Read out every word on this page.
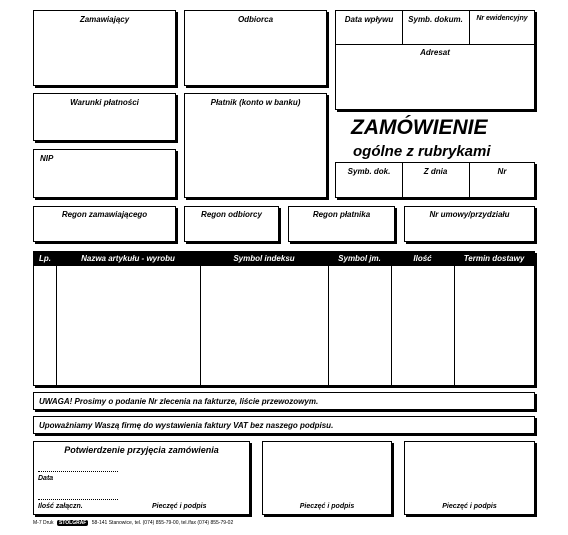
Zamawiający	Odbiorca	Data wpływu	Symb. dokum.	Nr ewidencyjny
Adresat
Warunki płatności	Płatnik (konto w banku)
NIP
ZAMÓWIENIE
ogólne z rubrykami
Symb. dok.	Z dnia	Nr
Regon zamawiającego	Regon odbiorcy	Regon płatnika	Nr umowy/przydziału
Lp.	Nazwa artykułu - wyrobu	Symbol indeksu	Symbol jm.	Ilość	Termin dostawy
UWAGA! Prosimy o podanie Nr zlecenia na fakturze, liście przewozowym.
Upoważniamy Waszą firmę do wystawienia faktury VAT bez naszego podpisu.
Potwierdzenie przyjęcia zamówienia
Data
Ilość załączn.	Pieczęć i podpis	Pieczęć i podpis	Pieczęć i podpis
M-7 Druk STOLGRAF 58-141 Stanowice, tel. (074) 855-79-00, tel./fax (074) 855-79-02
